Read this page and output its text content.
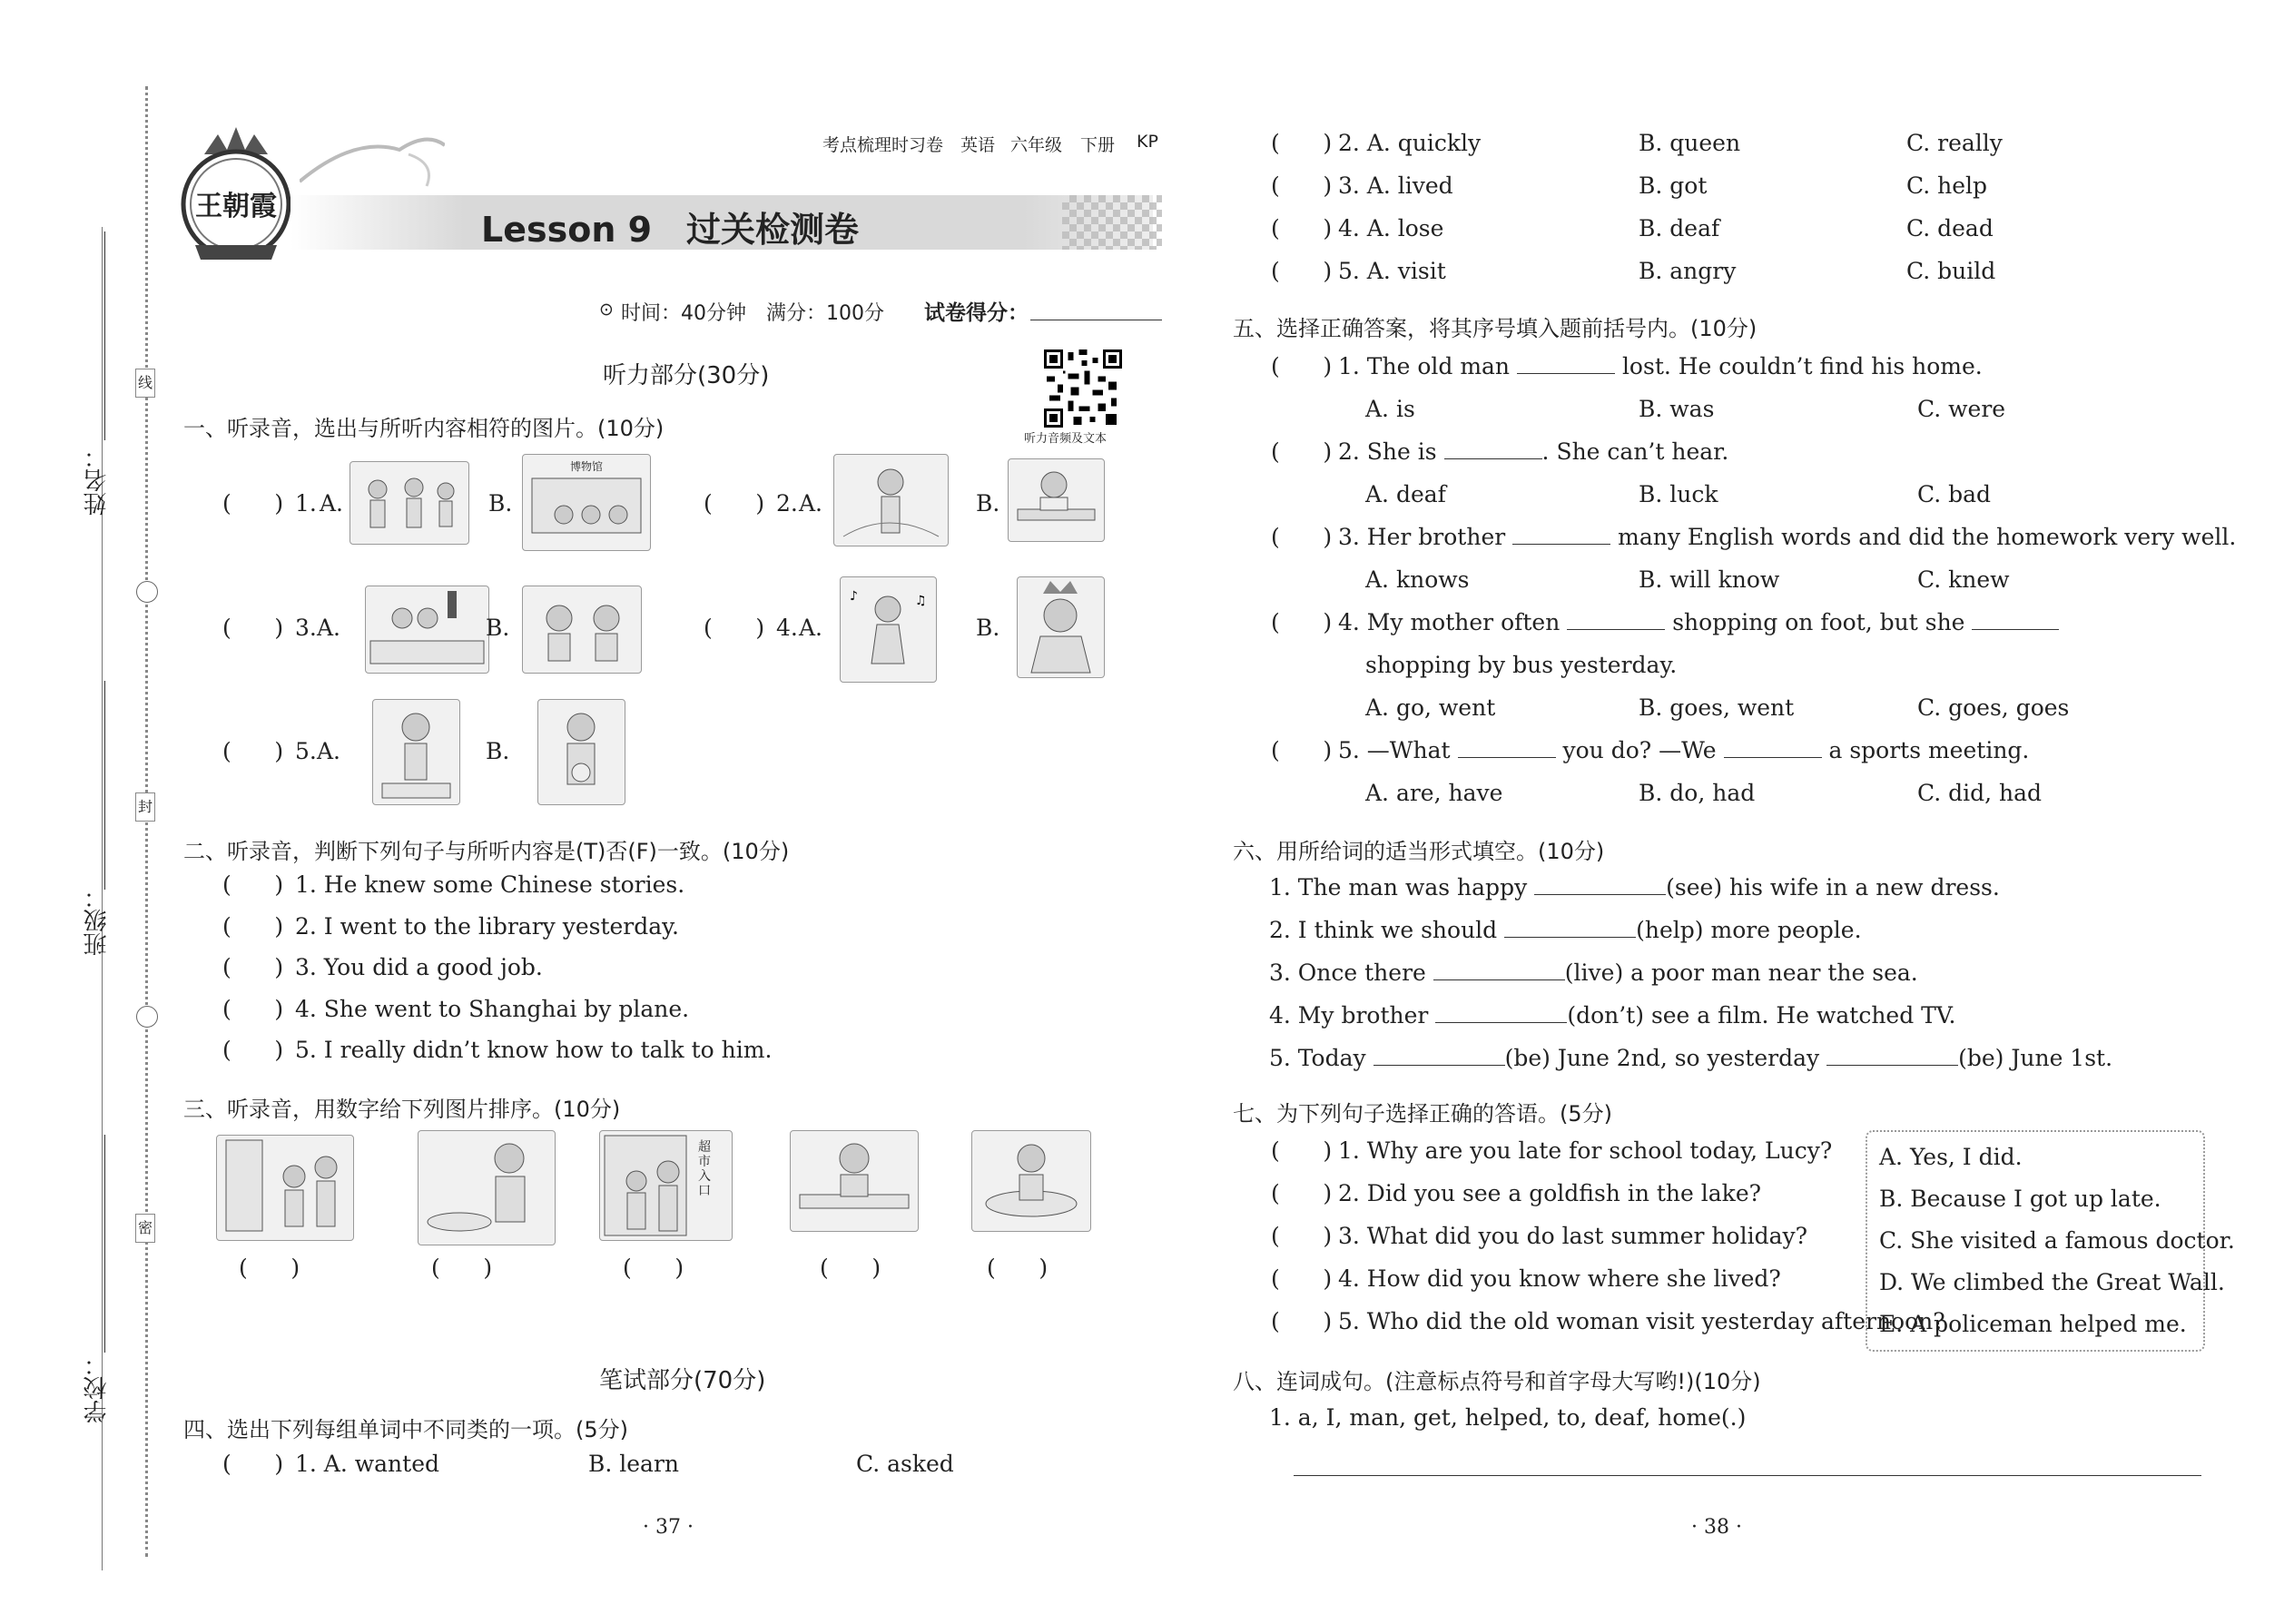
姓名：
班级：
学校：
线
封
密
王朝霞
考点梳理时习卷 英语 六年级 下册 KP
Lesson 9　过关检测卷
⊙ 时间：40分钟　满分：100分 试卷得分：
听力音频及文本
听力部分(30分)
一、听录音，选出与所听内容相符的图片。(10分)
(      ) 1. A.	B.
博物馆
(      ) 2. A.	B.
(      ) 3. A.	B.	(      ) 4. A.
♪	♫
B.
(      ) 5. A.	B.
二、听录音，判断下列句子与所听内容是(T)否(F)一致。(10分)
(      ) 1. He knew some Chinese stories.
(      ) 2. I went to the library yesterday.
(      ) 3. You did a good job.
(      ) 4. She went to Shanghai by plane.
(      ) 5. I really didn’t know how to talk to him.
三、听录音，用数字给下列图片排序。(10分)
超市入口
(      )	(      )	(      )	(      )	(      )
笔试部分(70分)
四、选出下列每组单词中不同类的一项。(5分)
(      ) 1. A. wanted	B. learn	C. asked
· 37 ·
(      ) 2. A. quickly	B. queen	C. really
(      ) 3. A. lived	B. got	C. help
(      ) 4. A. lose	B. deaf	C. dead
(      ) 5. A. visit	B. angry	C. build
五、选择正确答案，将其序号填入题前括号内。(10分)
(      ) 1. The old man	lost. He couldn’t find his home.
A. is	B. was	C. were
(      ) 2. She is	. She can’t hear.
A. deaf	B. luck	C. bad
(      ) 3. Her brother	many English words and did the homework very well.
A. knows	B. will know	C. knew
(      ) 4. My mother often	shopping on foot, but she
shopping by bus yesterday.
A. go, went	B. goes, went	C. goes, goes
(      ) 5. —What	you do? —We	a sports meeting.
A. are, have	B. do, had	C. did, had
六、用所给词的适当形式填空。(10分)
1. The man was happy	(see) his wife in a new dress.
2. I think we should	(help) more people.
3. Once there	(live) a poor man near the sea.
4. My brother	(don’t) see a film. He watched TV.
5. Today	(be) June 2nd, so yesterday	(be) June 1st.
七、为下列句子选择正确的答语。(5分)
(      ) 1. Why are you late for school today, Lucy?
(      ) 2. Did you see a goldfish in the lake?
(      ) 3. What did you do last summer holiday?
(      ) 4. How did you know where she lived?
(      ) 5. Who did the old woman visit yesterday afternoon?
A. Yes, I did.
B. Because I got up late.
C. She visited a famous doctor.
D. We climbed the Great Wall.
E. A policeman helped me.
八、连词成句。(注意标点符号和首字母大写哟!)(10分)
1. a, I, man, get, helped, to, deaf, home(.)
· 38 ·
